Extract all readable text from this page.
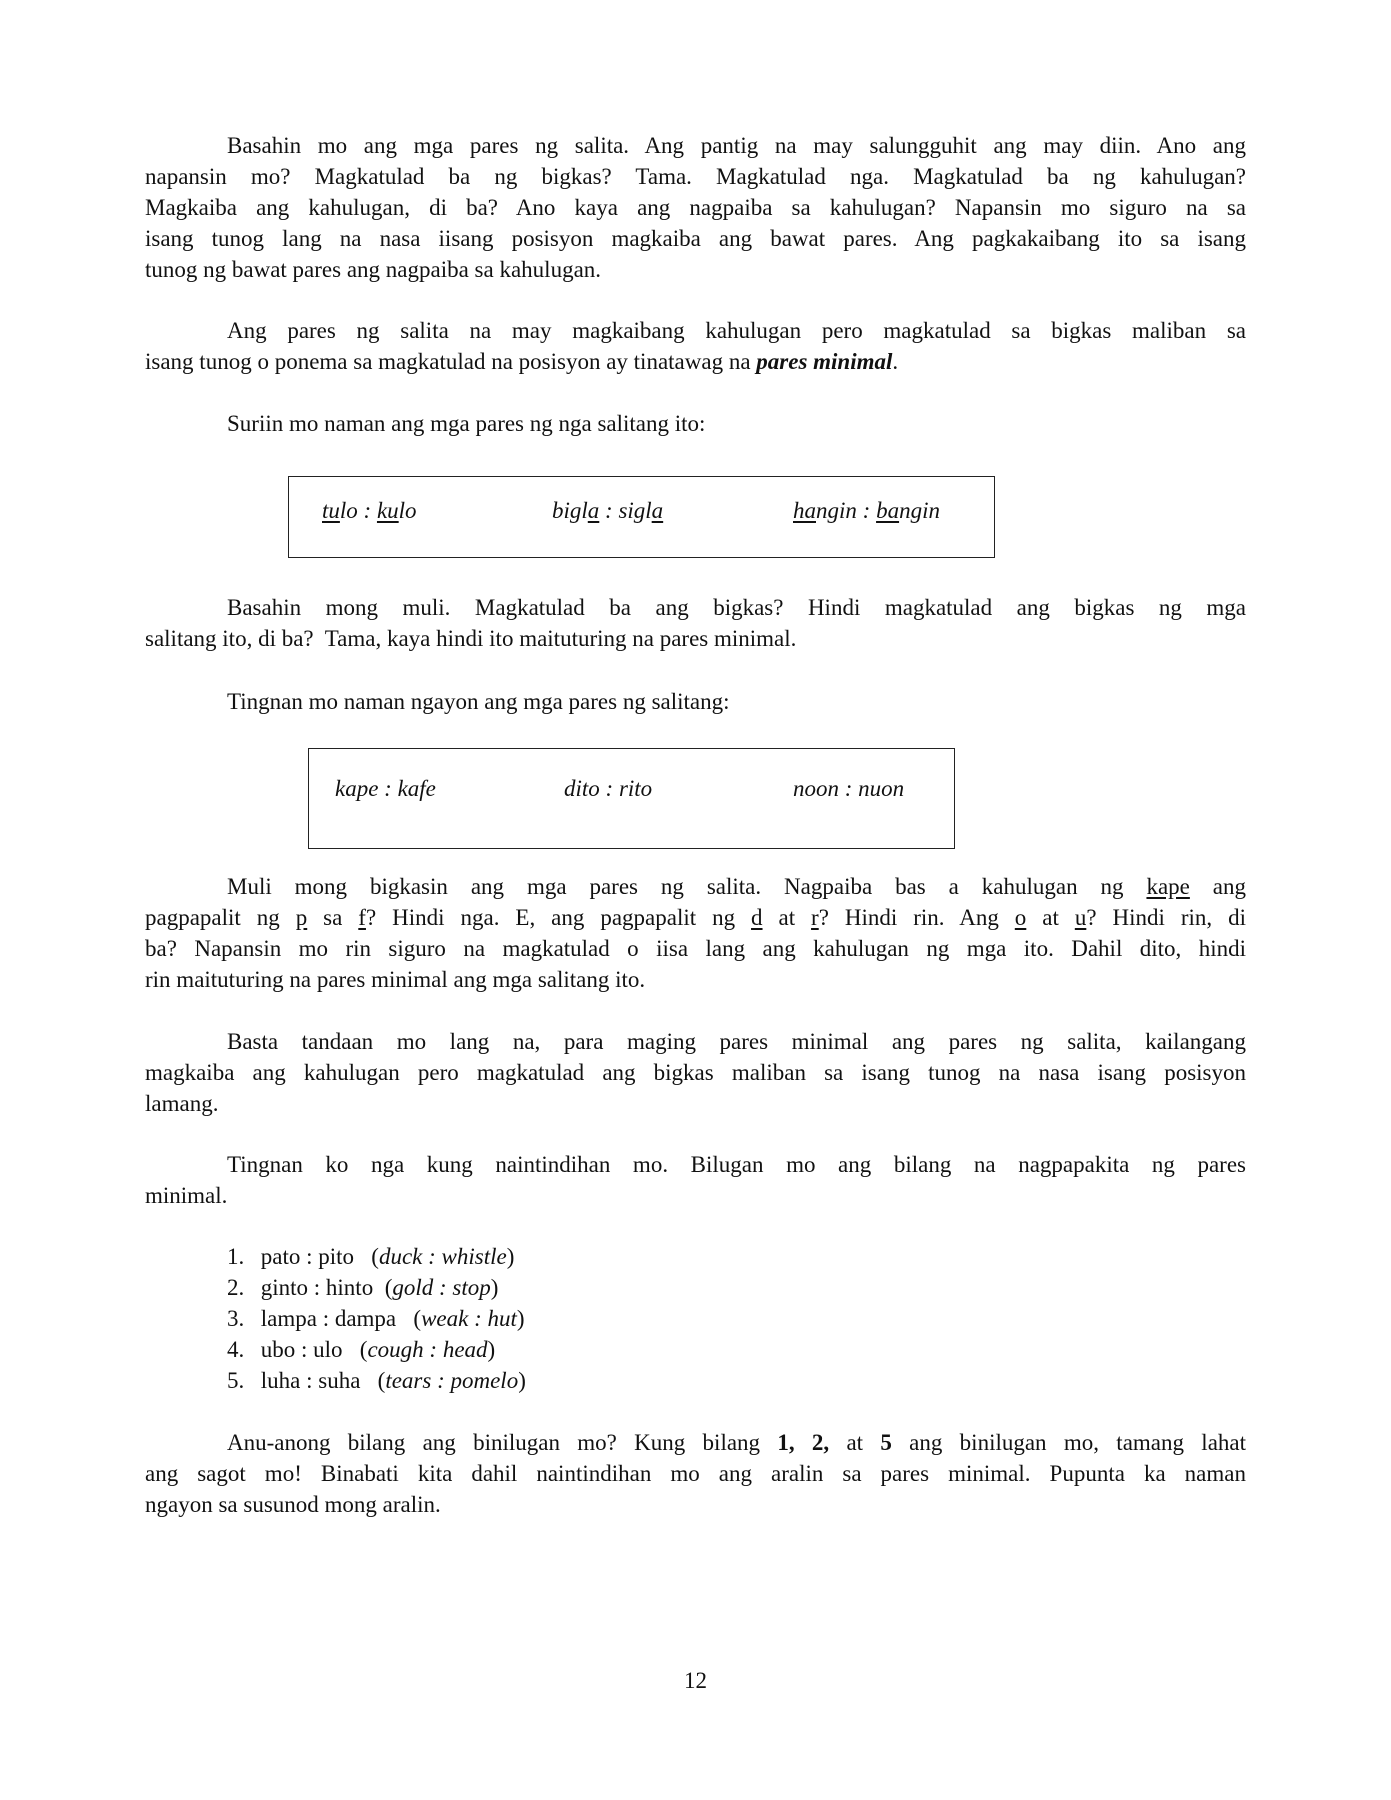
Basahin mo ang mga pares ng salita. Ang pantig na may salungguhit ang may diin. Ano ang
napansin mo? Magkatulad ba ng bigkas? Tama. Magkatulad nga. Magkatulad ba ng kahulugan?
Magkaiba ang kahulugan, di ba? Ano kaya ang nagpaiba sa kahulugan? Napansin mo siguro na sa
isang tunog lang na nasa iisang posisyon magkaiba ang bawat pares. Ang pagkakaibang ito sa isang
tunog ng bawat pares ang nagpaiba sa kahulugan.
Ang pares ng salita na may magkaibang kahulugan pero magkatulad sa bigkas maliban sa
isang tunog o ponema sa magkatulad na posisyon ay tinatawag na pares minimal.
Suriin mo naman ang mga pares ng nga salitang ito:
tulo : kulo	bigla : sigla	hangin : bangin
Basahin mong muli. Magkatulad ba ang bigkas? Hindi magkatulad ang bigkas ng mga
salitang ito, di ba?  Tama, kaya hindi ito maituturing na pares minimal.
Tingnan mo naman ngayon ang mga pares ng salitang:
kape : kafe	dito : rito	noon : nuon
Muli mong bigkasin ang mga pares ng salita. Nagpaiba bas a kahulugan ng kape ang
pagpapalit ng p sa f? Hindi nga. E, ang pagpapalit ng d at r? Hindi rin. Ang o at u? Hindi rin, di
ba? Napansin mo rin siguro na magkatulad o iisa lang ang kahulugan ng mga ito. Dahil dito, hindi
rin maituturing na pares minimal ang mga salitang ito.
Basta tandaan mo lang na, para maging pares minimal ang pares ng salita, kailangang
magkaiba ang kahulugan pero magkatulad ang bigkas maliban sa isang tunog na nasa isang posisyon
lamang.
Tingnan ko nga kung naintindihan mo. Bilugan mo ang bilang na nagpapakita ng pares
minimal.
1. pato : pito   (duck : whistle)
2. ginto : hinto  (gold : stop)
3. lampa : dampa   (weak : hut)
4. ubo : ulo   (cough : head)
5. luha : suha   (tears : pomelo)
Anu-anong bilang ang binilugan mo? Kung bilang 1, 2, at 5 ang binilugan mo, tamang lahat
ang sagot mo! Binabati kita dahil naintindihan mo ang aralin sa pares minimal. Pupunta ka naman
ngayon sa susunod mong aralin.
12
